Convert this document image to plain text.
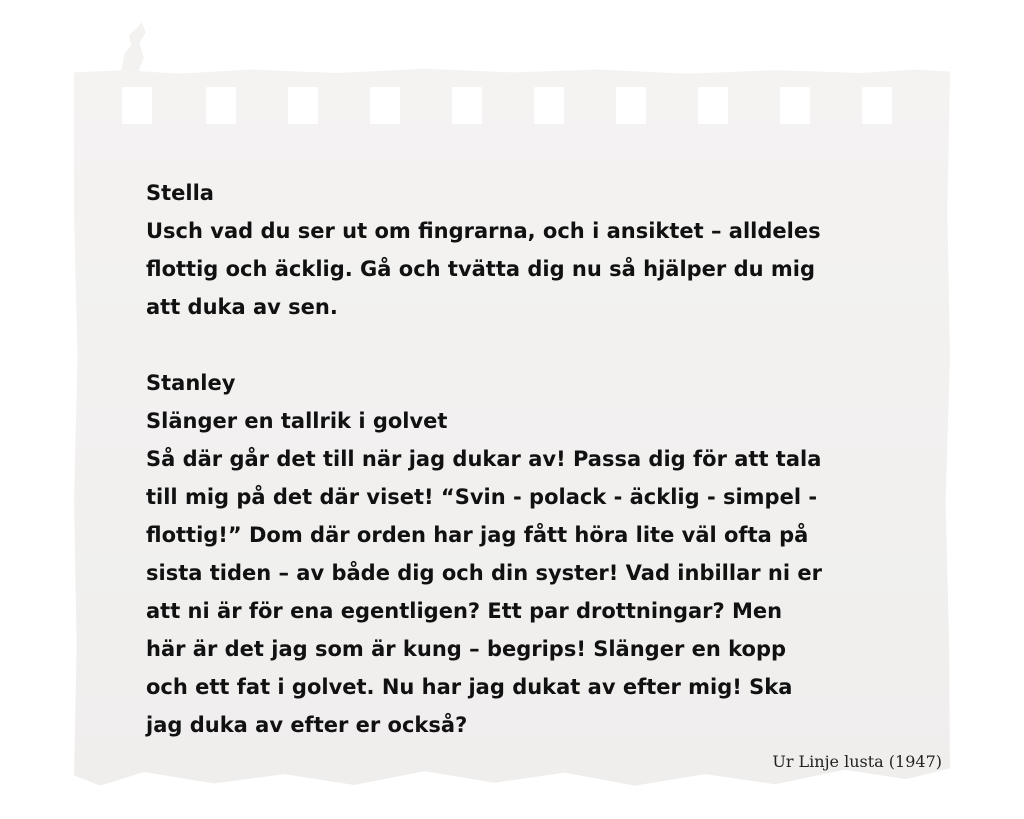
Stella
Usch vad du ser ut om fingrarna, och i ansiktet – alldeles
flottig och äcklig. Gå och tvätta dig nu så hjälper du mig
att duka av sen.
Stanley
Slänger en tallrik i golvet
Så där går det till när jag dukar av! Passa dig för att tala
till mig på det där viset! “Svin - polack - äcklig - simpel -
flottig!” Dom där orden har jag fått höra lite väl ofta på
sista tiden – av både dig och din syster! Vad inbillar ni er
att ni är för ena egentligen? Ett par drottningar? Men
här är det jag som är kung – begrips! Slänger en kopp
och ett fat i golvet. Nu har jag dukat av efter mig! Ska
jag duka av efter er också?
Ur Linje lusta (1947)
